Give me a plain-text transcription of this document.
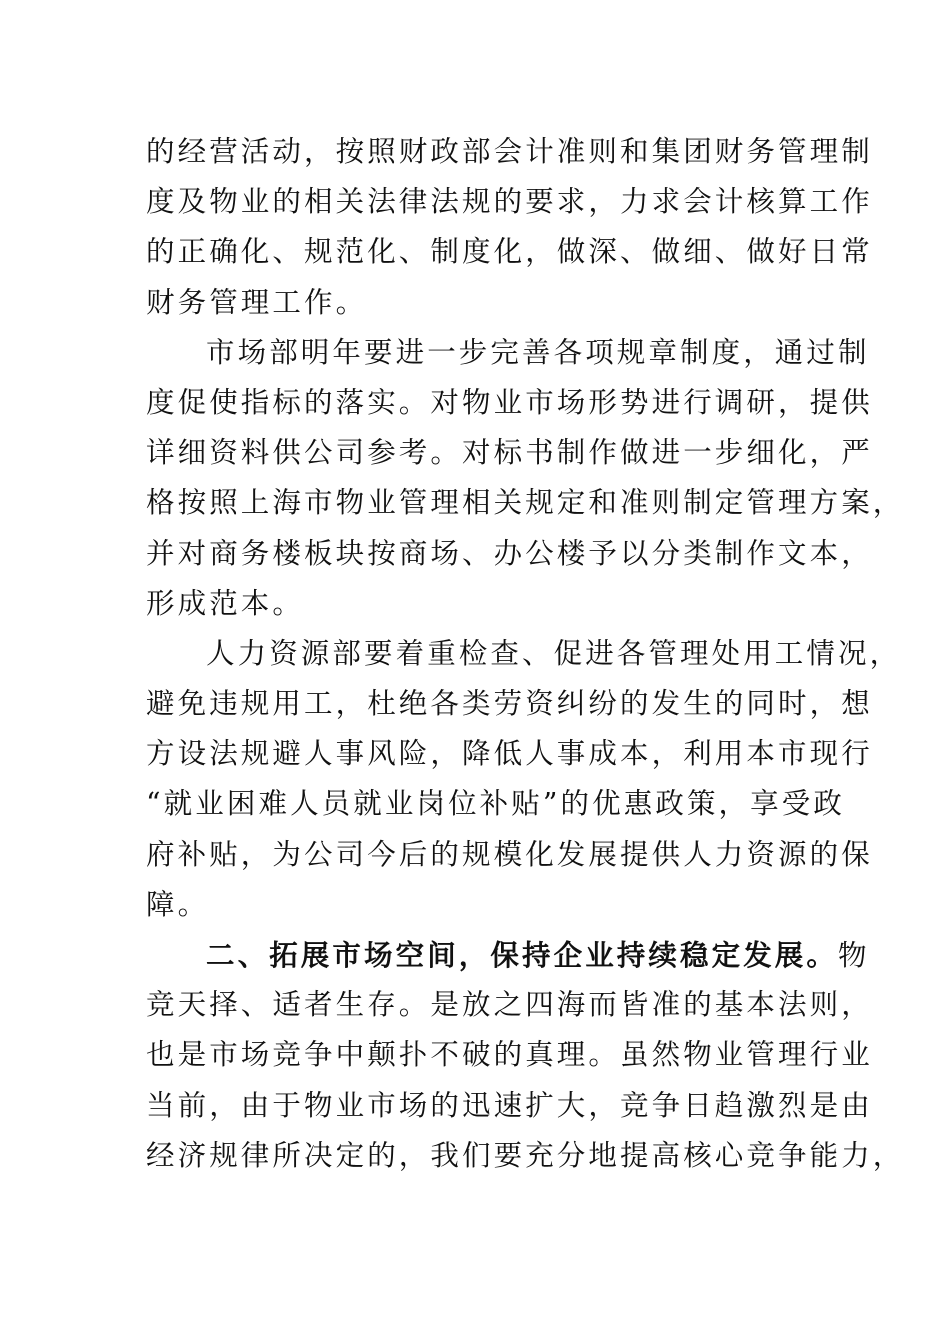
的经营活动，按照财政部会计准则和集团财务管理制
度及物业的相关法律法规的要求，力求会计核算工作
的正确化、规范化、制度化，做深、做细、做好日常
财务管理工作。
市场部明年要进一步完善各项规章制度，通过制
度促使指标的落实。对物业市场形势进行调研，提供
详细资料供公司参考。对标书制作做进一步细化，严
格按照上海市物业管理相关规定和准则制定管理方案，
并对商务楼板块按商场、办公楼予以分类制作文本，
形成范本。
人力资源部要着重检查、促进各管理处用工情况，
避免违规用工，杜绝各类劳资纠纷的发生的同时，想
方设法规避人事风险，降低人事成本，利用本市现行
“就业困难人员就业岗位补贴”的优惠政策，享受政
府补贴，为公司今后的规模化发展提供人力资源的保
障。
二、拓展市场空间，保持企业持续稳定发展。物
竞天择、适者生存。是放之四海而皆准的基本法则，
也是市场竞争中颠扑不破的真理。虽然物业管理行业
当前，由于物业市场的迅速扩大，竞争日趋激烈是由
经济规律所决定的，我们要充分地提高核心竞争能力，
